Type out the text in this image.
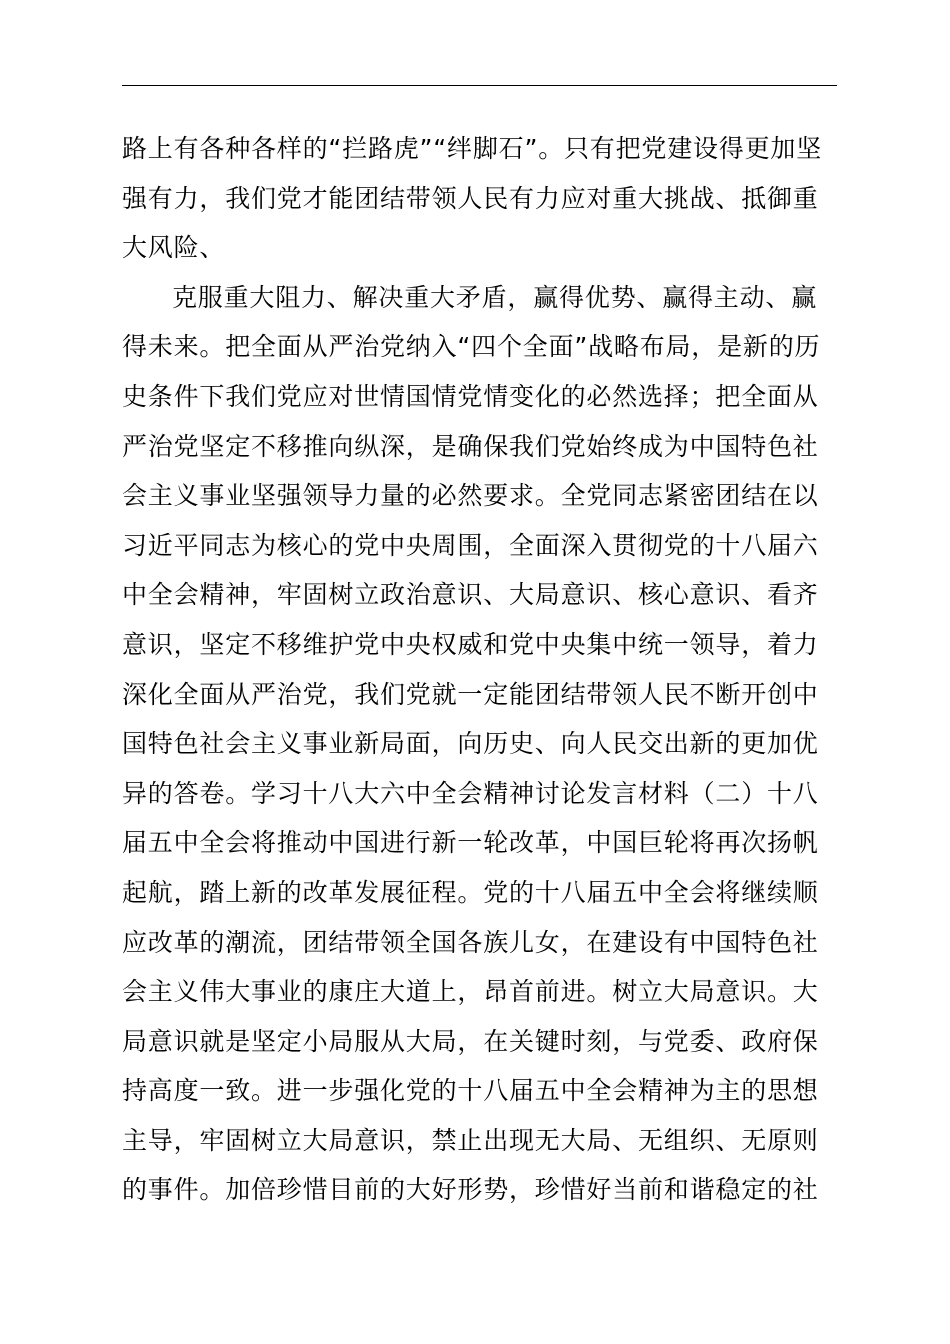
路上有各种各样的“拦路虎”“绊脚石”。只有把党建设得更加坚
强有力，我们党才能团结带领人民有力应对重大挑战、抵御重
大风险、
克服重大阻力、解决重大矛盾，赢得优势、赢得主动、赢
得未来。把全面从严治党纳入“四个全面”战略布局，是新的历
史条件下我们党应对世情国情党情变化的必然选择；把全面从
严治党坚定不移推向纵深，是确保我们党始终成为中国特色社
会主义事业坚强领导力量的必然要求。全党同志紧密团结在以
习近平同志为核心的党中央周围，全面深入贯彻党的十八届六
中全会精神，牢固树立政治意识、大局意识、核心意识、看齐
意识，坚定不移维护党中央权威和党中央集中统一领导，着力
深化全面从严治党，我们党就一定能团结带领人民不断开创中
国特色社会主义事业新局面，向历史、向人民交出新的更加优
异的答卷。学习十八大六中全会精神讨论发言材料（二）十八
届五中全会将推动中国进行新一轮改革，中国巨轮将再次扬帆
起航，踏上新的改革发展征程。党的十八届五中全会将继续顺
应改革的潮流，团结带领全国各族儿女，在建设有中国特色社
会主义伟大事业的康庄大道上，昂首前进。树立大局意识。大
局意识就是坚定小局服从大局，在关键时刻，与党委、政府保
持高度一致。进一步强化党的十八届五中全会精神为主的思想
主导，牢固树立大局意识，禁止出现无大局、无组织、无原则
的事件。加倍珍惜目前的大好形势，珍惜好当前和谐稳定的社
